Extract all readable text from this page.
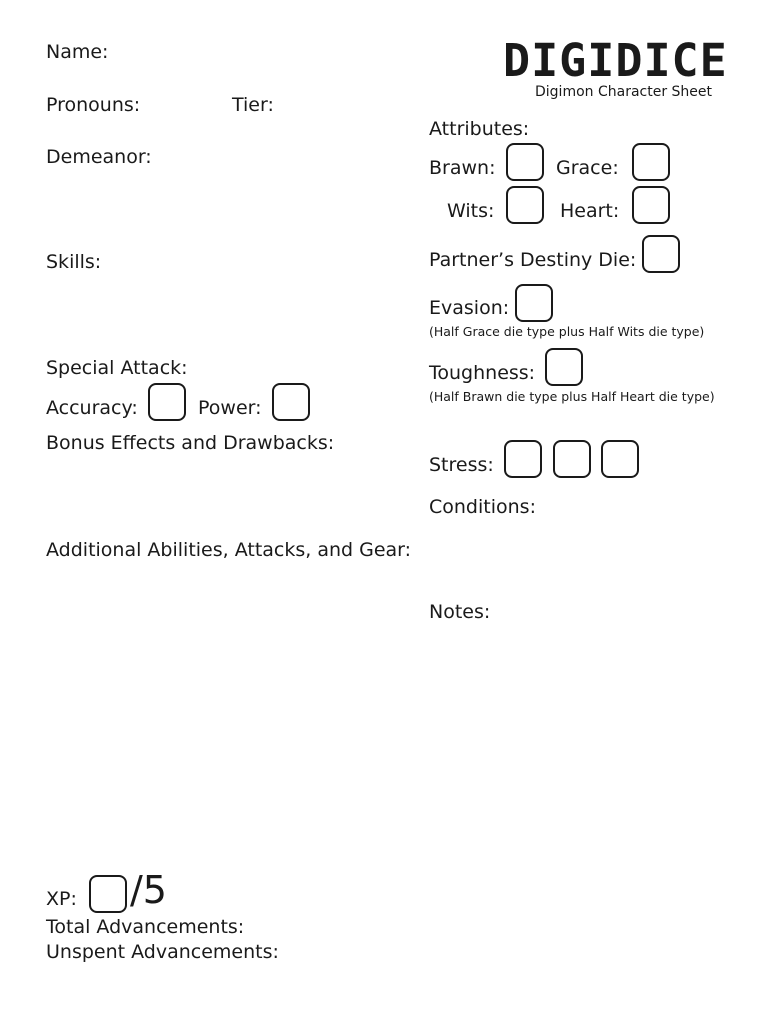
DIGIDICE
Digimon Character Sheet
Name:
Pronouns:	Tier:
Demeanor:
Skills:
Special Attack:
Accuracy:	Power:
Bonus Effects and Drawbacks:
Additional Abilities, Attacks, and Gear:
Attributes:
Brawn:	Grace:
Wits:	Heart:
Partner’s Destiny Die:
Evasion:
(Half Grace die type plus Half Wits die type)
Toughness:
(Half Brawn die type plus Half Heart die type)
Stress:
Conditions:
Notes:
XP: /5
Total Advancements:
Unspent Advancements:
